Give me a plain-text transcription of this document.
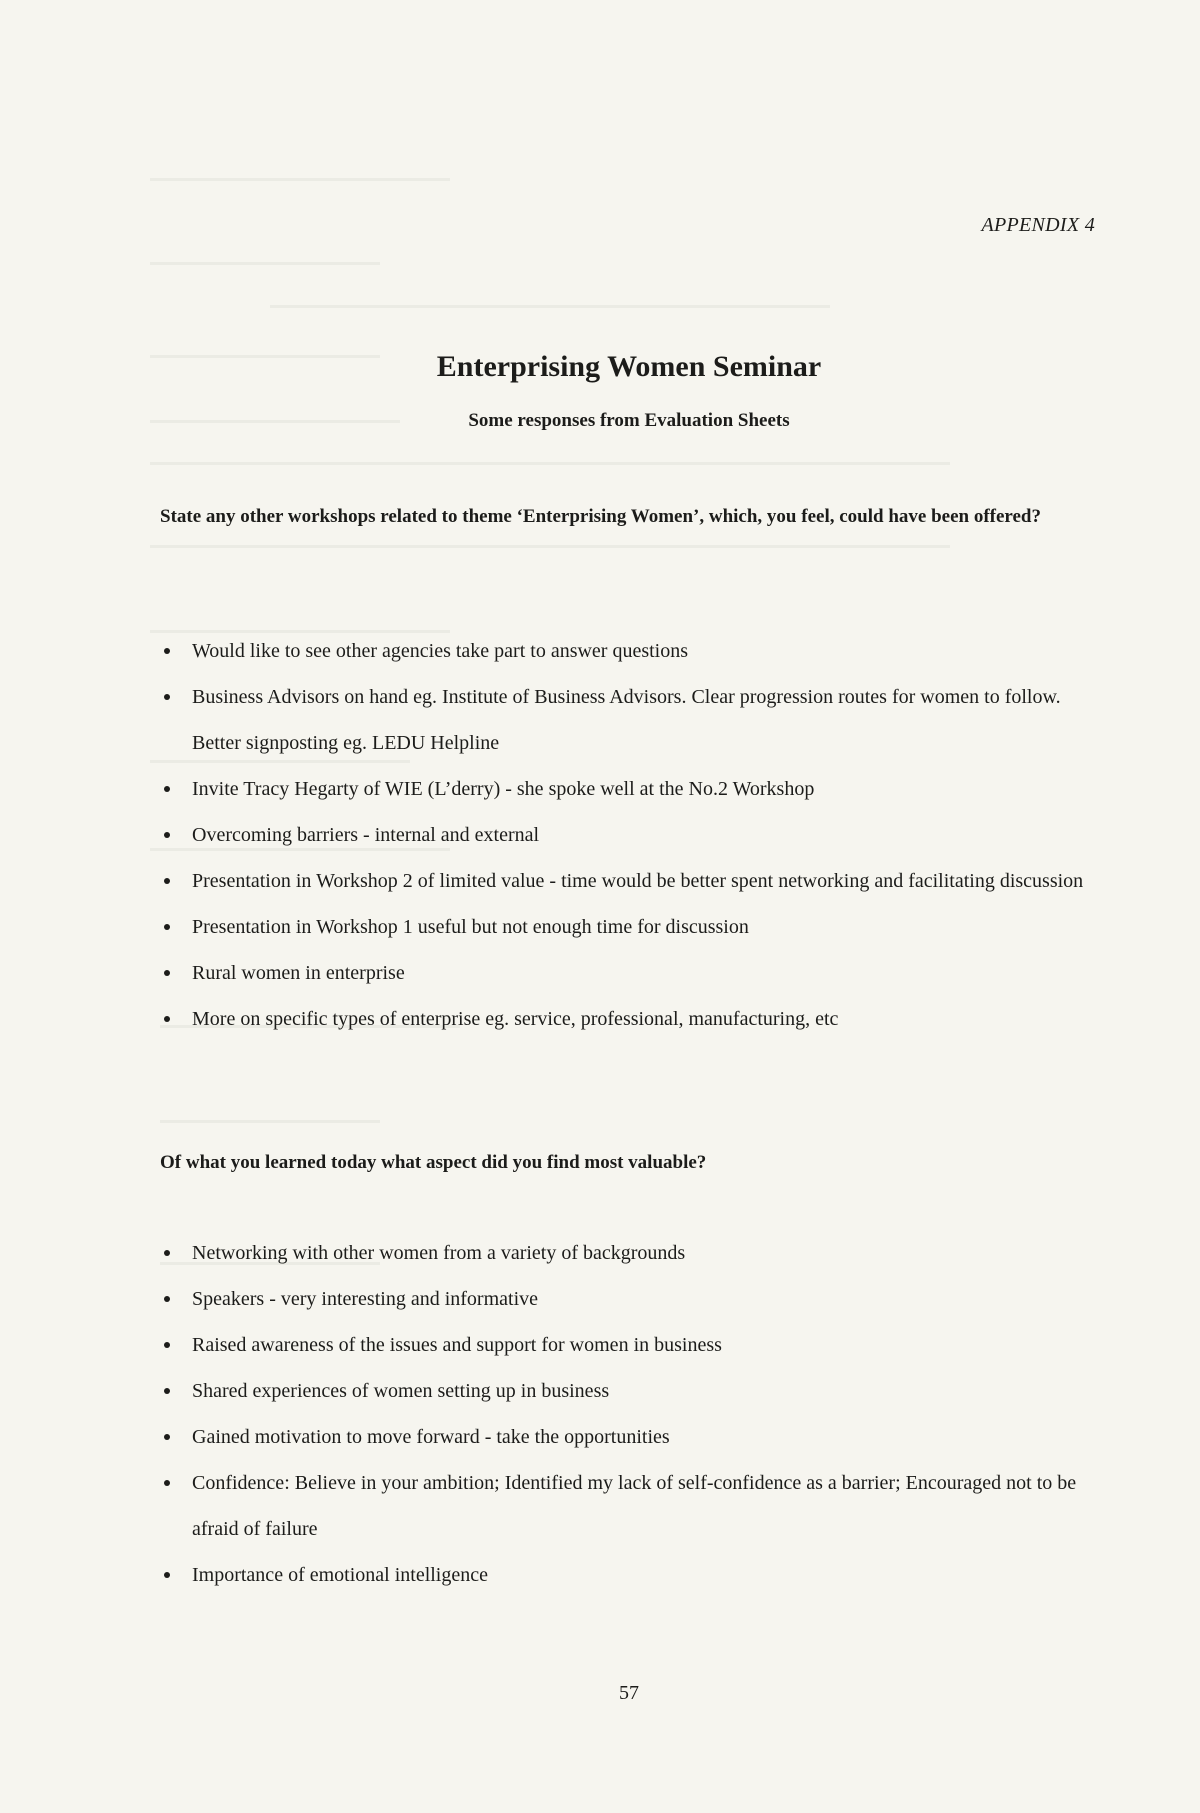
APPENDIX 4
Enterprising Women Seminar
Some responses from Evaluation Sheets
State any other workshops related to theme ‘Enterprising Women’, which, you feel, could have been offered?
Would like to see other agencies take part to answer questions
Business Advisors on hand eg. Institute of Business Advisors. Clear progression routes for women to follow. Better signposting eg. LEDU Helpline
Invite Tracy Hegarty of WIE (L’derry) - she spoke well at the No.2 Workshop
Overcoming barriers - internal and external
Presentation in Workshop 2 of limited value - time would be better spent networking and facilitating discussion
Presentation in Workshop 1 useful but not enough time for discussion
Rural women in enterprise
More on specific types of enterprise eg. service, professional, manufacturing, etc
Of what you learned today what aspect did you find most valuable?
Networking with other women from a variety of backgrounds
Speakers - very interesting and informative
Raised awareness of the issues and support for women in business
Shared experiences of women setting up in business
Gained motivation to move forward - take the opportunities
Confidence: Believe in your ambition; Identified my lack of self-confidence as a barrier; Encouraged not to be afraid of failure
Importance of emotional intelligence
57
